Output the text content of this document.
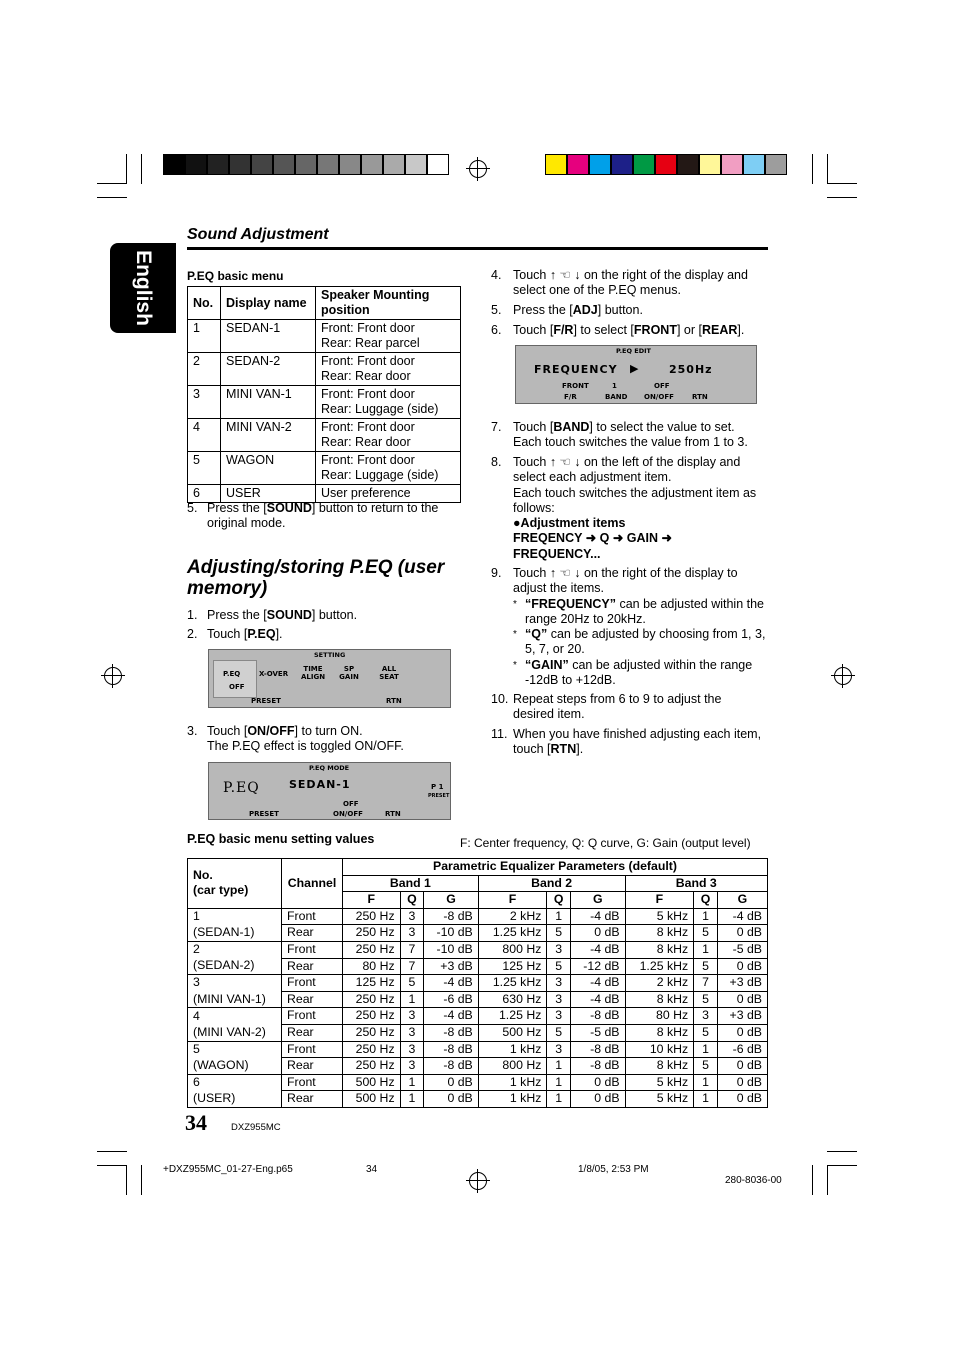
English
Sound Adjustment
P.EQ basic menu
No.	Display name	Speaker Mounting position
1	SEDAN-1	Front: Front door
Rear: Rear parcel
2	SEDAN-2	Front: Front door
Rear: Rear door
3	MINI VAN-1	Front: Front door
Rear: Luggage (side)
4	MINI VAN-2	Front: Front door
Rear: Rear door
5	WAGON	Front: Front door
Rear: Luggage (side)
6	USER	User preference
5. Press the [SOUND] button to return to the
original mode.
Adjusting/storing P.EQ (user memory)
1. Press the [SOUND] button.
2. Touch [P.EQ].
SETTING
P.EQ
OFF
X-OVER
TIME ALIGN
SP GAIN
ALL SEAT
PRESET	RTN
3. Touch [ON/OFF] to turn ON.
The P.EQ effect is toggled ON/OFF.
P.EQ MODE
P.EQ	SEDAN-1	P 1
PRESET
OFF
PRESET	ON/OFF	RTN
4. Touch ↑ ☜ ↓ on the right of the display and
select one of the P.EQ menus.
5. Press the [ADJ] button.
6. Touch [F/R] to select [FRONT] or [REAR].
P.EQ EDIT
FREQUENCY ▶	250Hz
FRONT	1	OFF
F/R	BAND ON/OFF	RTN
7. Touch [BAND] to select the value to set.
Each touch switches the value from 1 to 3.
8. Touch ↑ ☜ ↓ on the left of the display and
select each adjustment item.
Each touch switches the adjustment item as
follows:
●Adjustment items
FREQENCY ➜ Q ➜ GAIN ➜
FREQUENCY...
9. Touch ↑ ☜ ↓ on the right of the display to
adjust the items.
* “FREQUENCY” can be adjusted within the
range 20Hz to 20kHz.
* “Q” can be adjusted by choosing from 1, 3,
5, 7, or 20.
* “GAIN” can be adjusted within the range
-12dB to +12dB.
10. Repeat steps from 6 to 9 to adjust the
desired item.
11. When you have finished adjusting each item,
touch [RTN].
P.EQ basic menu setting values	F: Center frequency, Q: Q curve, G: Gain (output level)
No.
(car type)	Channel	Parametric Equalizer Parameters (default)								
		Band 1			Band 2			Band 3		
		F	Q	G	F	Q	G	F	Q	G
1	Front	250 Hz	3	-8 dB	2 kHz	1	-4 dB	5 kHz	1	-4 dB
(SEDAN-1)	Rear	250 Hz	3	-10 dB	1.25 kHz	5	0 dB	8 kHz	5	0 dB
2	Front	250 Hz	7	-10 dB	800 Hz	3	-4 dB	8 kHz	1	-5 dB
(SEDAN-2)	Rear	80 Hz	7	+3 dB	125 Hz	5	-12 dB	1.25 kHz	5	0 dB
3	Front	125 Hz	5	-4 dB	1.25 kHz	3	-4 dB	2 kHz	7	+3 dB
(MINI VAN-1)	Rear	250 Hz	1	-6 dB	630 Hz	3	-4 dB	8 kHz	5	0 dB
4	Front	250 Hz	3	-4 dB	1.25 Hz	3	-8 dB	80 Hz	3	+3 dB
(MINI VAN-2)	Rear	250 Hz	3	-8 dB	500 Hz	5	-5 dB	8 kHz	5	0 dB
5	Front	250 Hz	3	-8 dB	1 kHz	3	-8 dB	10 kHz	1	-6 dB
(WAGON)	Rear	250 Hz	3	-8 dB	800 Hz	1	-8 dB	8 kHz	5	0 dB
6	Front	500 Hz	1	0 dB	1 kHz	1	0 dB	5 kHz	1	0 dB
(USER)	Rear	500 Hz	1	0 dB	1 kHz	1	0 dB	5 kHz	1	0 dB
34	DXZ955MC
+DXZ955MC_01-27-Eng.p65	34	1/8/05, 2:53 PM
280-8036-00
